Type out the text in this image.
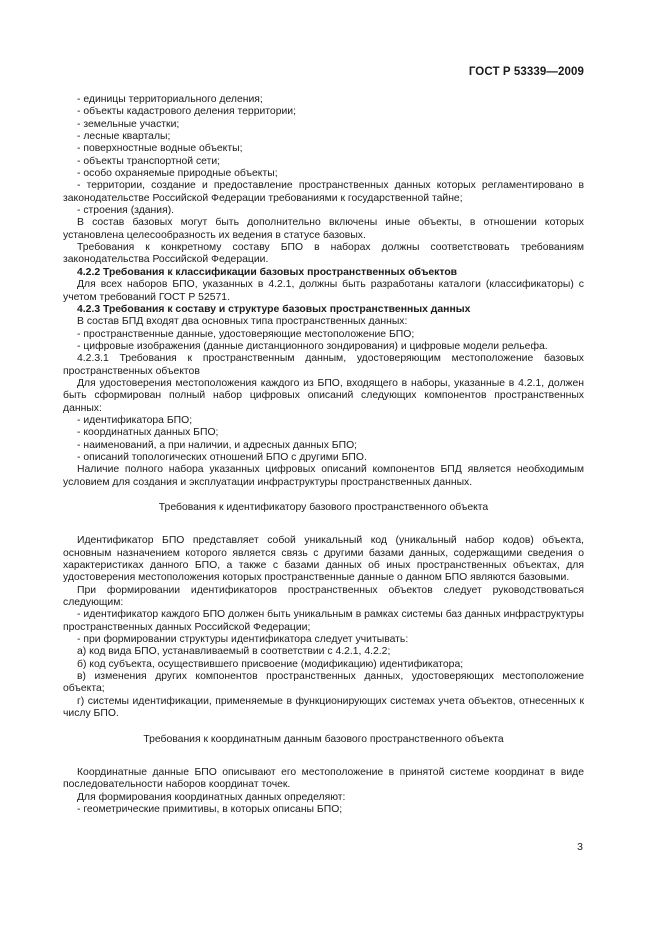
ГОСТ Р 53339—2009

- единицы территориального деления;

- объекты кадастрового деления территории;

- земельные участки;

- лесные кварталы;

- поверхностные водные объекты;

- объекты транспортной сети;

- особо охраняемые природные объекты;

- территории, создание и предоставление пространственных данных которых регламентировано в законодательстве Российской Федерации требованиями к государственной тайне;

- строения (здания).

В состав базовых могут быть дополнительно включены иные объекты, в отношении которых установлена целесообразность их ведения в статусе базовых.

Требования к конкретному составу БПО в наборах должны соответствовать требованиям законодательства Российской Федерации.

4.2.2 Требования к классификации базовых пространственных объектов

Для всех наборов БПО, указанных в 4.2.1, должны быть разработаны каталоги (классификаторы) с учетом требований ГОСТ Р 52571.

4.2.3 Требования к составу и структуре базовых пространственных данных

В состав БПД входят два основных типа пространственных данных:

- пространственные данные, удостоверяющие местоположение БПО;

- цифровые изображения (данные дистанционного зондирования) и цифровые модели рельефа.

4.2.3.1 Требования к пространственным данным, удостоверяющим местоположение базовых пространственных объектов

Для удостоверения местоположения каждого из БПО, входящего в наборы, указанные в 4.2.1, должен быть сформирован полный набор цифровых описаний следующих компонентов пространственных данных:

- идентификатора БПО;

- координатных данных БПО;

- наименований, а при наличии, и адресных данных БПО;

- описаний топологических отношений БПО с другими БПО.

Наличие полного набора указанных цифровых описаний компонентов БПД является необходимым условием для создания и эксплуатации инфраструктуры пространственных данных.

Требования к идентификатору базового пространственного объекта

Идентификатор БПО представляет собой уникальный код (уникальный набор кодов) объекта, основным назначением которого является связь с другими базами данных, содержащими сведения о характеристиках данного БПО, а также с базами данных об иных пространственных объектах, для удостоверения местоположения которых пространственные данные о данном БПО являются базовыми.

При формировании идентификаторов пространственных объектов следует руководствоваться следующим:

- идентификатор каждого БПО должен быть уникальным в рамках системы баз данных инфраструктуры пространственных данных Российской Федерации;

- при формировании структуры идентификатора следует учитывать:

а) код вида БПО, устанавливаемый в соответствии с 4.2.1, 4.2.2;

б) код субъекта, осуществившего присвоение (модификацию) идентификатора;

в) изменения других компонентов пространственных данных, удостоверяющих местоположение объекта;

г) системы идентификации, применяемые в функционирующих системах учета объектов, отнесенных к числу БПО.

Требования к координатным данным базового пространственного объекта

Координатные данные БПО описывают его местоположение в принятой системе координат в виде последовательности наборов координат точек.

Для формирования координатных данных определяют:

- геометрические примитивы, в которых описаны БПО;

3
